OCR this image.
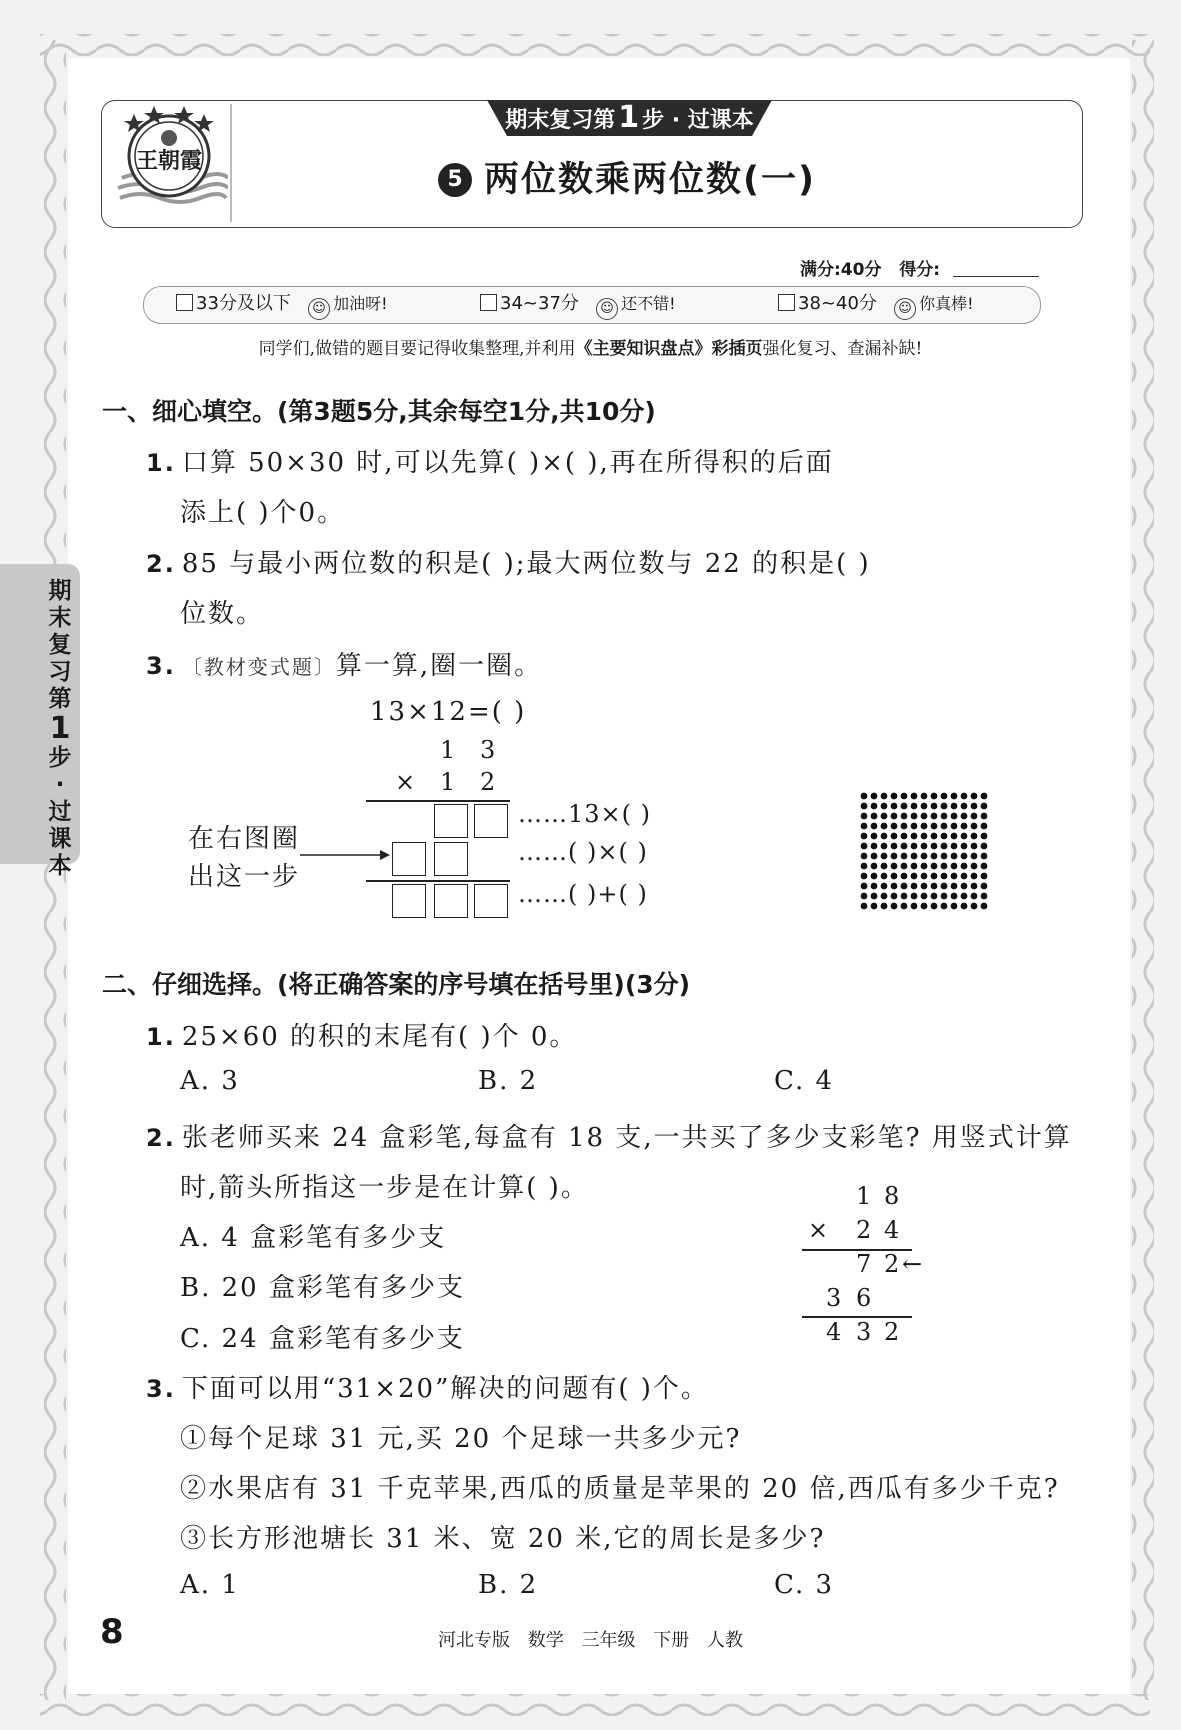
王朝霞
期末复习第 1 步 · 过课本
5 两位数乘两位数(一)
满分:40分 得分:
33分及以下 ☺ 加油呀!	34~37分 ☺ 还不错!	38~40分 ☺ 你真棒!
同学们,做错的题目要记得收集整理,并利用《主要知识盘点》彩插页强化复习、查漏补缺!
期
末
复
习
第
1
步
·
过
课
本
一、细心填空。(第3题5分,其余每空1分,共10分)
1. 口算 50×30 时,可以先算( )×( ),再在所得积的后面
添上( )个0。
2. 85 与最小两位数的积是( );最大两位数与 22 的积是( )
位数。
3. 〔教材变式题〕算一算,圈一圈。
13×12=( )
1 3
× 1 2
……13×( )
……( )×( )
……( )+( )
在右图圈
出这一步
二、仔细选择。(将正确答案的序号填在括号里)(3分)
1. 25×60 的积的末尾有( )个 0。
A. 3	B. 2	C. 4
2. 张老师买来 24 盒彩笔,每盒有 18 支,一共买了多少支彩笔? 用竖式计算
时,箭头所指这一步是在计算( )。
A. 4 盒彩笔有多少支
B. 20 盒彩笔有多少支
C. 24 盒彩笔有多少支
1 8
× 2 4
7 2 ←
3 6
4 3 2
3. 下面可以用“31×20”解决的问题有( )个。
①每个足球 31 元,买 20 个足球一共多少元?
②水果店有 31 千克苹果,西瓜的质量是苹果的 20 倍,西瓜有多少千克?
③长方形池塘长 31 米、宽 20 米,它的周长是多少?
A. 1	B. 2	C. 3
8	河北专版 数学 三年级 下册 人教
